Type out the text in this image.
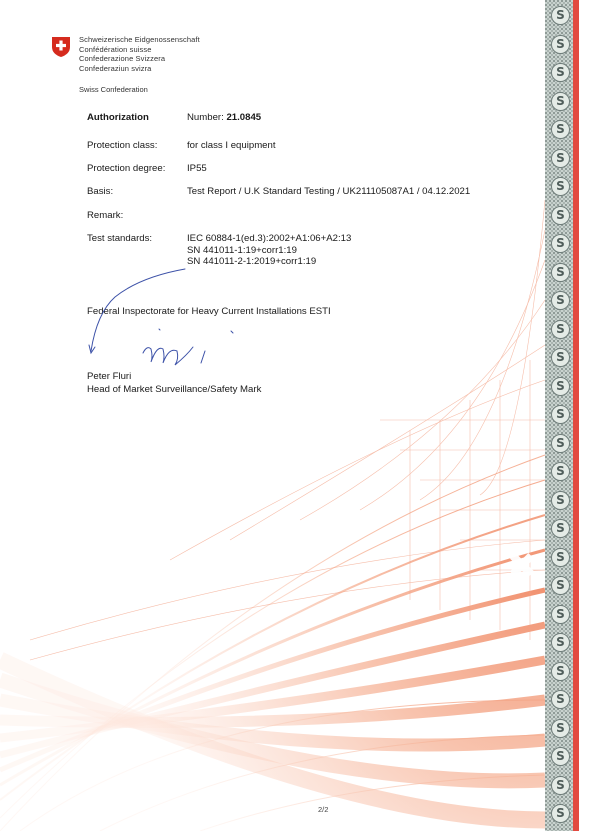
Schweizerische Eidgenossenschaft
Confédération suisse
Confederazione Svizzera
Confederaziun svizra
Swiss Confederation
Authorization	Number: 21.0845
Protection class:	for class I equipment
Protection degree: IP55
Basis:	Test Report / U.K Standard Testing / UK211105087A1 / 04.12.2021
Remark:
Test standards:	IEC 60884-1(ed.3):2002+A1:06+A2:13
SN 441011-1:19+corr1:19
SN 441011-2-1:2019+corr1:19
Federal Inspectorate for Heavy Current Installations ESTI
Peter Fluri
Head of Market Surveillance/Safety Mark
2/2
S
S
S
S
S
S
S
S
S
S
S
S
S
S
S
S
S
S
S
S
S
S
S
S
S
S
S
S
S
